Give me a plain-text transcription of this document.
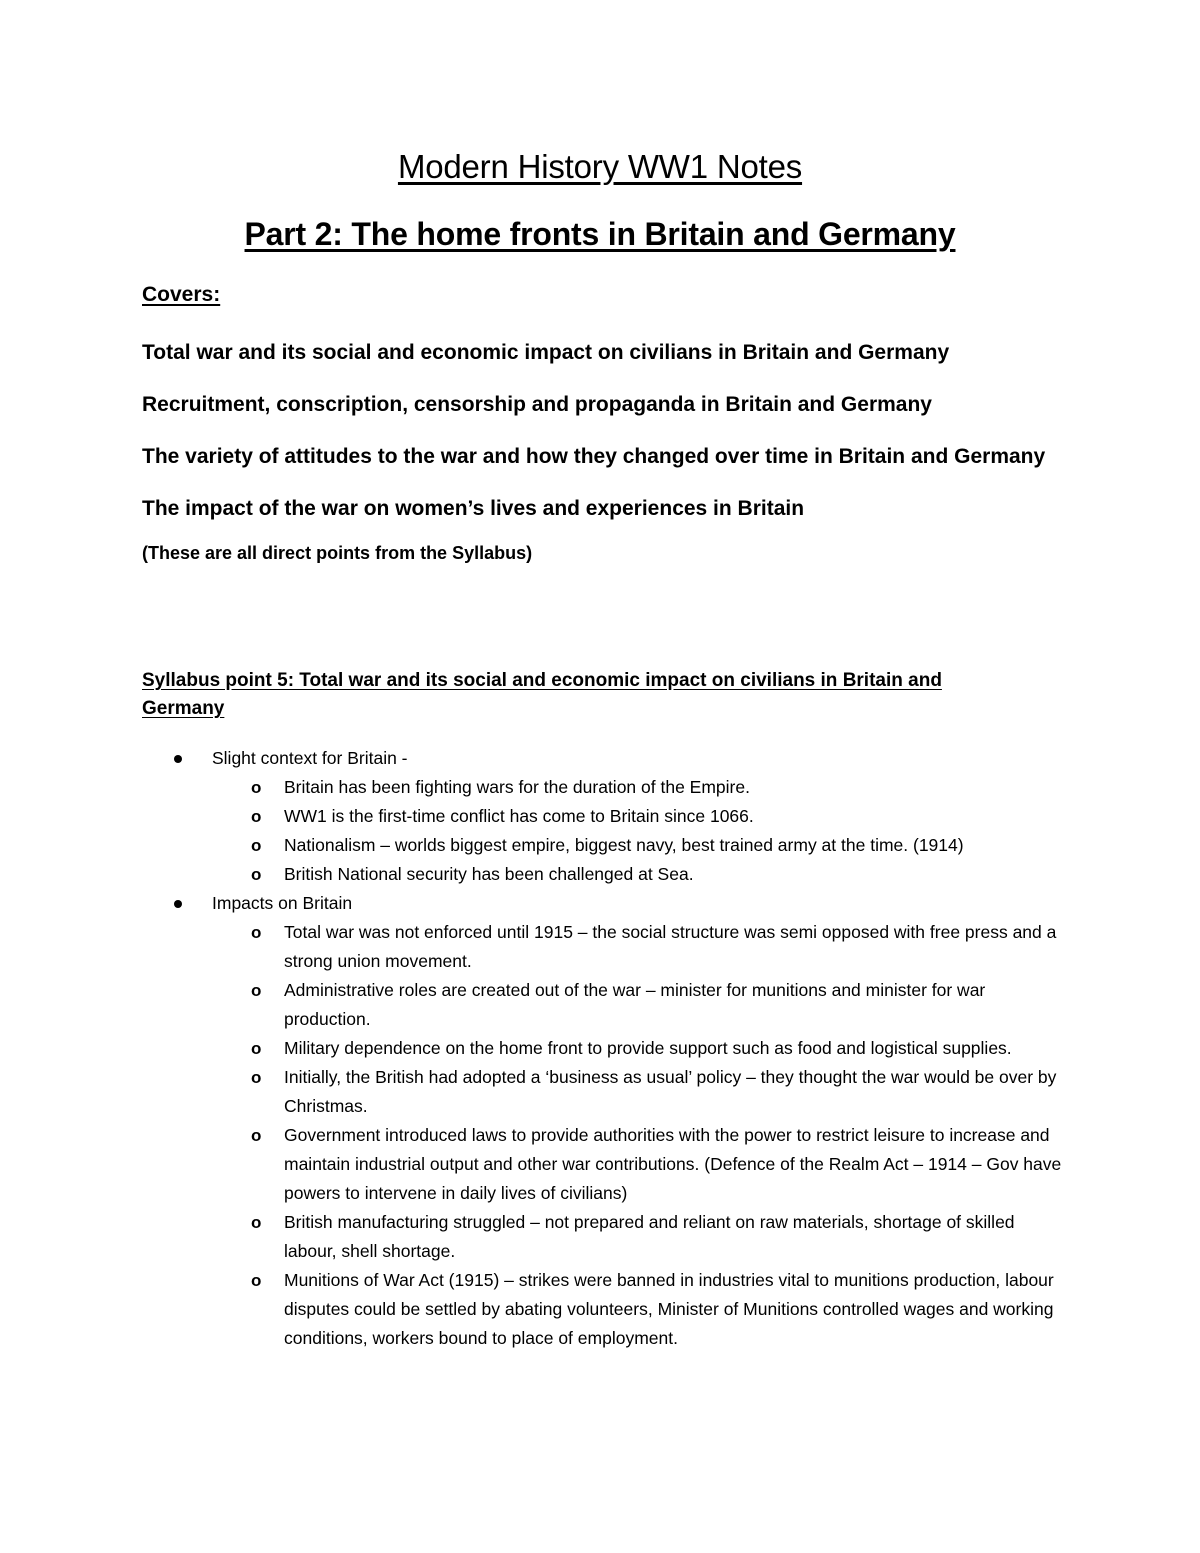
Modern History WW1 Notes
Part 2: The home fronts in Britain and Germany

Covers:

Total war and its social and economic impact on civilians in Britain and Germany

Recruitment, conscription, censorship and propaganda in Britain and Germany

The variety of attitudes to the war and how they changed over time in Britain and Germany

The impact of the war on women’s lives and experiences in Britain

(These are all direct points from the Syllabus)

Syllabus point 5: Total war and its social and economic impact on civilians in Britain and Germany

Slight context for Britain -
o Britain has been fighting wars for the duration of the Empire.
o WW1 is the first-time conflict has come to Britain since 1066.
o Nationalism – worlds biggest empire, biggest navy, best trained army at the time. (1914)
o British National security has been challenged at Sea.
Impacts on Britain
o Total war was not enforced until 1915 – the social structure was semi opposed with free press and a strong union movement.
o Administrative roles are created out of the war – minister for munitions and minister for war production.
o Military dependence on the home front to provide support such as food and logistical supplies.
o Initially, the British had adopted a ‘business as usual’ policy – they thought the war would be over by Christmas.
o Government introduced laws to provide authorities with the power to restrict leisure to increase and maintain industrial output and other war contributions. (Defence of the Realm Act – 1914 – Gov have powers to intervene in daily lives of civilians)
o British manufacturing struggled – not prepared and reliant on raw materials, shortage of skilled labour, shell shortage.
o Munitions of War Act (1915) – strikes were banned in industries vital to munitions production, labour disputes could be settled by abating volunteers, Minister of Munitions controlled wages and working conditions, workers bound to place of employment.
